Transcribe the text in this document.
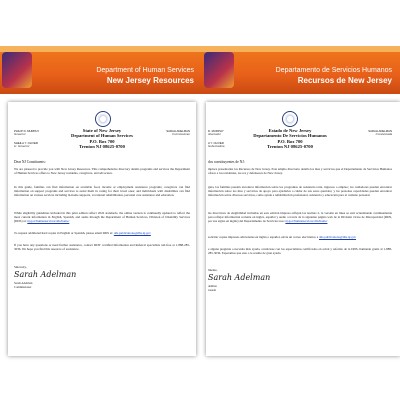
Department of Human Services
New Jersey Resources
Departamento de Servicios Humanos
Recursos de New Jersey
State of New Jersey
Department of Human Services
P.O. Box 700
Trenton NJ 08625-0700
PHILIP D. MURPHY
Governor
SHEILA Y. OLIVER
Lt. Governor
SARAH ADELMAN
Commissioner
Dear NJ Constituents:
We are pleased to provide you with New Jersey Resources. This comprehensive directory details programs and services the Department of Human Services offers to New Jersey residents, caregivers, and advocates.
In this guide, families can find information on available food, income or employment assistance programs; caregivers can find information on support programs and services to assist them in caring for their loved ones; and individuals with disabilities can find information on various services including in-home supports, vocational rehabilitation, personal care assistance and education.
While eligibility guidelines included in this print edition reflect 2022 standards, the online version is continually updated to reflect the most current information in English, Spanish, and audio through the Department of Human Services, Division of Disability Services (DDS) at: nj.gov/humanservices/dds/home/
To request additional hard copies in English or Spanish, please email DDS at: dds.publications@dhs.nj.gov
If you have any questions or need further assistance, contact DDS' certified Information and Referral specialists toll-free at 1-888-285-3036. We hope you find this resource of assistance.
Sincerely,
Sarah Adelman
Sarah Adelman
Commissioner
Estado de New Jersey
Departamento De Servicios Humanos
P.O. Box 700
Trenton NJ 08625-0700
D. MURPHY
obernador
A Y. OLIVER
Gobernadora
SARAH ADELMAN
Comisionada
dos constituyentes de NJ:
mplace presentarles los Recursos de New Jersey. Este amplio directorio detalla los mas y servicios que el Departamento de Servicios Humanos ofrece a los residentes, los res y defensores de New Jersey.
guía, las familias pueden encontrar información sobre los programas de asistencia taria, ingresos o empleo; los cuidadores pueden encontrar información sobre los mas y servicios de apoyo para ayudarles a cuidar de sus seres queridos; y las personas capacidades pueden encontrar información sobre diversos servicios, como ayuda a rehabilitación profesional, asistencia y educación para el cuidado personal.
las directrices de elegibilidad incluidas en esta edición impresa reflejan las normas 2, la versión en línea se está actualizando continuamente para reflejar información reciente en inglés, español y audio a través de la siguiente página web de la División vicios de Discapacidad (DDS, por sus siglas en inglés) del Departamento de Servicios nos: nj.gov/humanservices/dds/home/
solicitar copias impresas adicionales en inglés o español, envíe un correo electrónico a dds.publications@dhs.nj.gov
e alguna pregunta o necesita más ayuda, contáctese con los especialistas certificados en ación y referido de la DDS, llamando gratis al 1-888-285-3036. Esperamos que este o le resulte de gran ayuda.
lmente,
Sarah Adelman
delman
ionada
